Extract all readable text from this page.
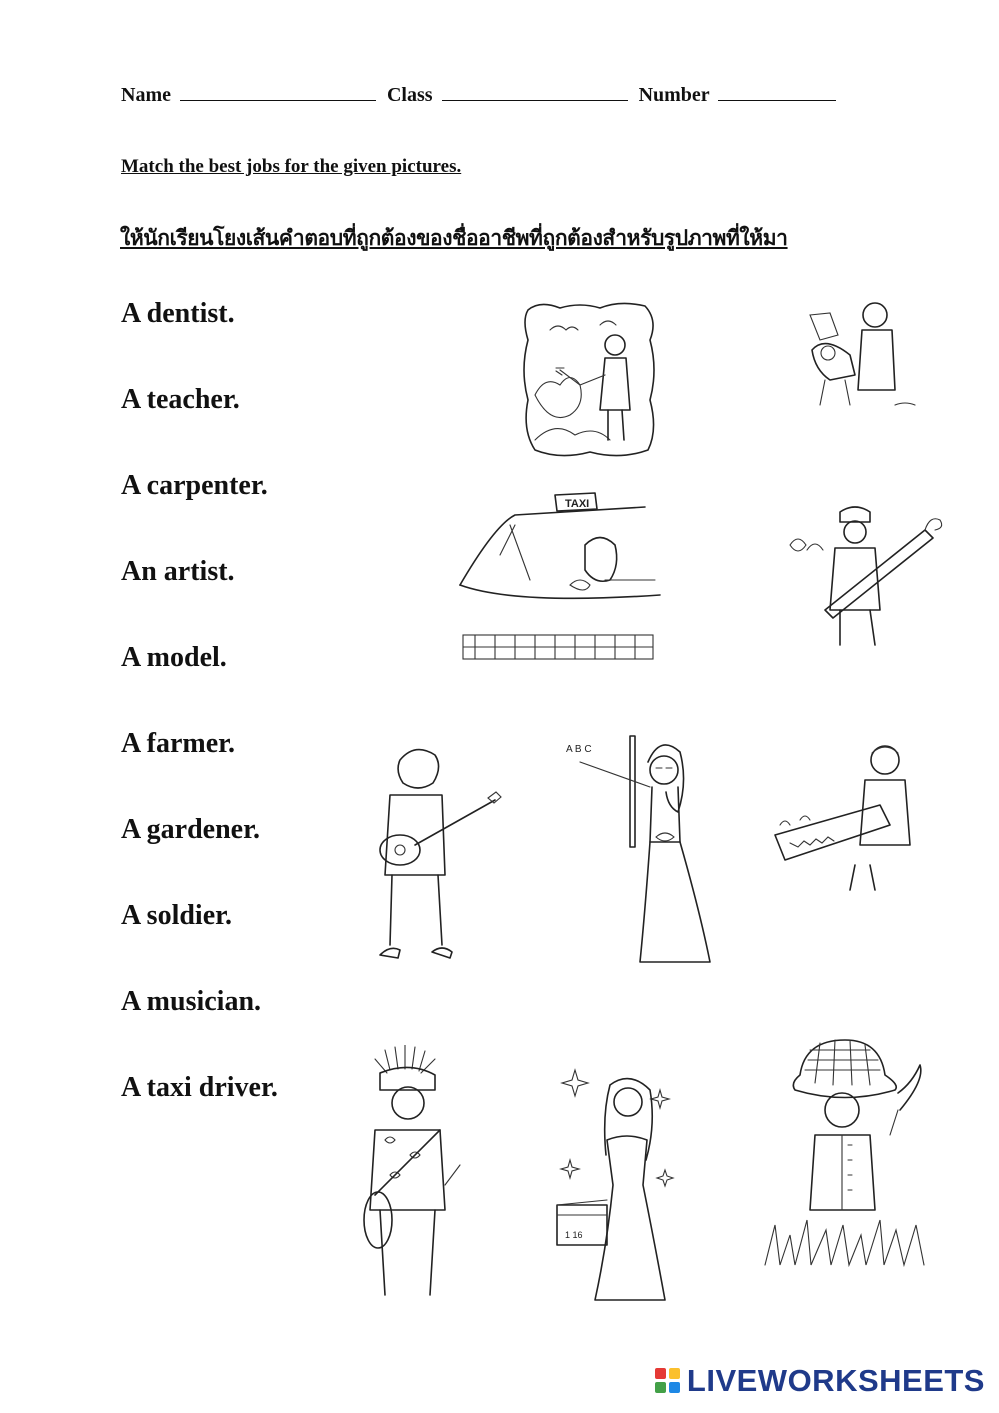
Name	Class	Number
Match the best jobs for the given pictures.
ให้นักเรียนโยงเส้นคำตอบที่ถูกต้องของชื่ออาชีพที่ถูกต้องสำหรับรูปภาพที่ให้มา
A dentist.
A teacher.
A carpenter.
An artist.
A model.
A farmer.
A gardener.
A soldier.
A musician.
A taxi driver.
TAXI
A B C
1 16
LIVEWORKSHEETS
